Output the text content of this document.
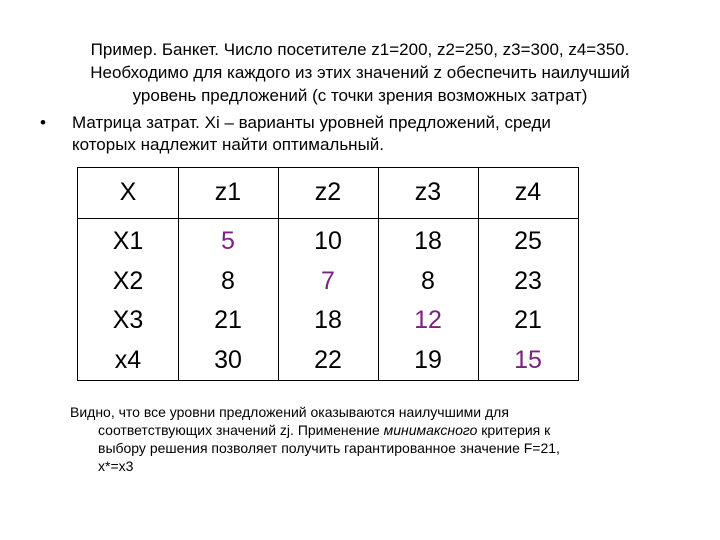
Пример. Банкет. Число посетителе z1=200, z2=250, z3=300, z4=350.
Необходимо для каждого из этих значений z обеспечить наилучший
уровень предложений (с точки зрения возможных затрат)
• Матрица затрат. Xi – варианты уровней предложений, среди
которых надлежит найти оптимальный.
X	z1	z2	z3	z4
X1	5	10	18	25
X2	8	7	8	23
X3	21	18	12	21
x4	30	22	19	15
Видно, что все уровни предложений оказываются наилучшими для
соответствующих значений zj. Применение минимаксного критерия к
выбору решения позволяет получить гарантированное значение F=21,
x*=x3
